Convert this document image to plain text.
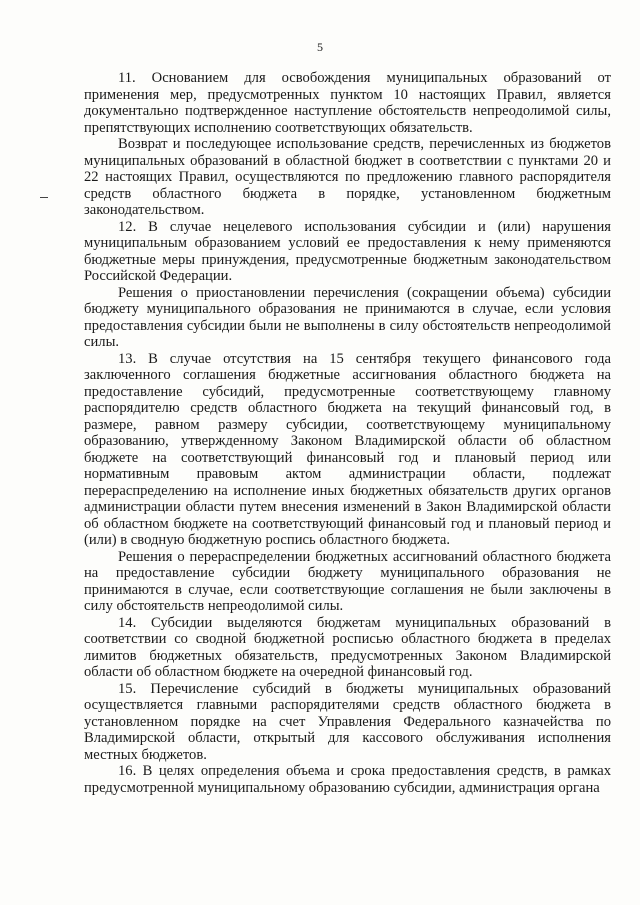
5

11. Основанием для освобождения муниципальных образований от применения мер, предусмотренных пунктом 10 настоящих Правил, является документально подтвержденное наступление обстоятельств непреодолимой силы, препятствующих исполнению соответствующих обязательств.

Возврат и последующее использование средств, перечисленных из бюджетов муниципальных образований в областной бюджет в соответствии с пунктами 20 и 22 настоящих Правил, осуществляются по предложению главного распорядителя средств областного бюджета в порядке, установленном бюджетным законодательством.

12. В случае нецелевого использования субсидии и (или) нарушения муниципальным образованием условий ее предоставления к нему применяются бюджетные меры принуждения, предусмотренные бюджетным законодательством Российской Федерации.

Решения о приостановлении перечисления (сокращении объема) субсидии бюджету муниципального образования не принимаются в случае, если условия предоставления субсидии были не выполнены в силу обстоятельств непреодолимой силы.

13. В случае отсутствия на 15 сентября текущего финансового года заключенного соглашения бюджетные ассигнования областного бюджета на предоставление субсидий, предусмотренные соответствующему главному распорядителю средств областного бюджета на текущий финансовый год, в размере, равном размеру субсидии, соответствующему муниципальному образованию, утвержденному Законом Владимирской области об областном бюджете на соответствующий финансовый год и плановый период или нормативным правовым актом администрации области, подлежат перераспределению на исполнение иных бюджетных обязательств других органов администрации области путем внесения изменений в Закон Владимирской области об областном бюджете на соответствующий финансовый год и плановый период и (или) в сводную бюджетную роспись областного бюджета.

Решения о перераспределении бюджетных ассигнований областного бюджета на предоставление субсидии бюджету муниципального образования не принимаются в случае, если соответствующие соглашения не были заключены в силу обстоятельств непреодолимой силы.

14. Субсидии выделяются бюджетам муниципальных образований в соответствии со сводной бюджетной росписью областного бюджета в пределах лимитов бюджетных обязательств, предусмотренных Законом Владимирской области об областном бюджете на очередной финансовый год.

15. Перечисление субсидий в бюджеты муниципальных образований осуществляется главными распорядителями средств областного бюджета в установленном порядке на счет Управления Федерального казначейства по Владимирской области, открытый для кассового обслуживания исполнения местных бюджетов.

16. В целях определения объема и срока предоставления средств, в рамках предусмотренной муниципальному образованию субсидии, администрация органа
